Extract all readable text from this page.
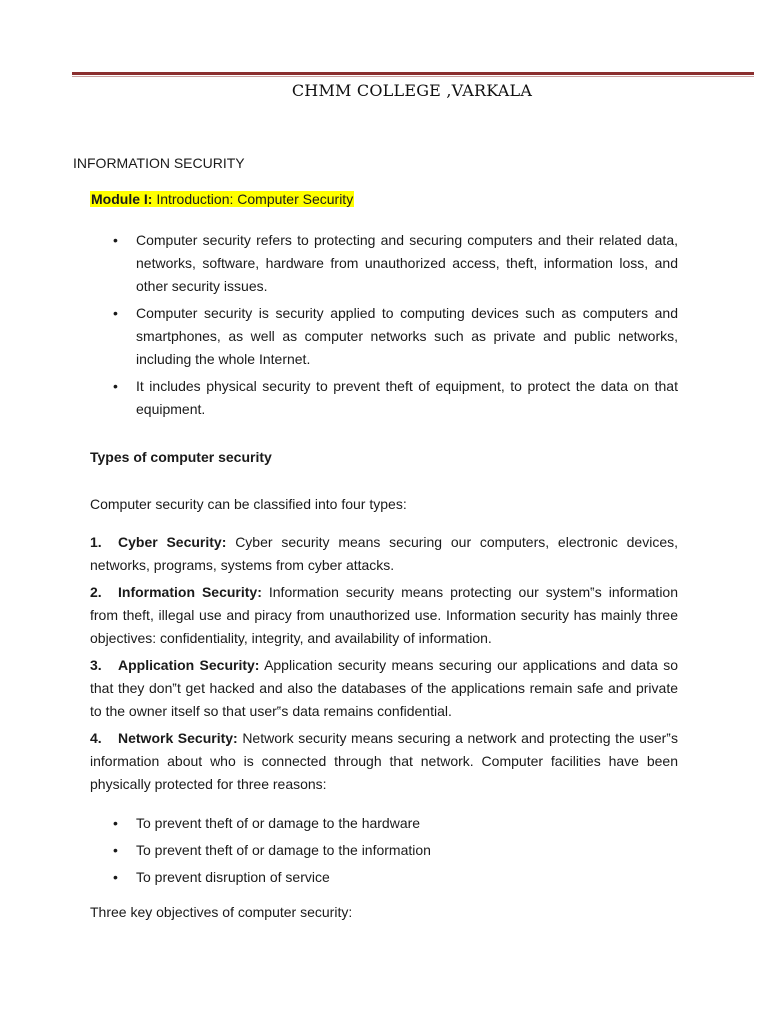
CHMM COLLEGE ,VARKALA
INFORMATION SECURITY
Module I: Introduction: Computer Security
• Computer security refers to protecting and securing computers and their related data, networks, software, hardware from unauthorized access, theft, information loss, and other security issues.
• Computer security is security applied to computing devices such as computers and smartphones, as well as computer networks such as private and public networks, including the whole Internet.
• It includes physical security to prevent theft of equipment, to protect the data on that equipment.
Types of computer security
Computer security can be classified into four types:

1. Cyber Security: Cyber security means securing our computers, electronic devices, networks, programs, systems from cyber attacks.

2. Information Security: Information security means protecting our system‟s information from theft, illegal use and piracy from unauthorized use. Information security has mainly three objectives: confidentiality, integrity, and availability of information.

3. Application Security: Application security means securing our applications and data so that they don‟t get hacked and also the databases of the applications remain safe and private to the owner itself so that user‟s data remains confidential.

4. Network Security: Network security means securing a network and protecting the user‟s information about who is connected through that network. Computer facilities have been physically protected for three reasons:

• To prevent theft of or damage to the hardware
• To prevent theft of or damage to the information
• To prevent disruption of service
Three key objectives of computer security:
